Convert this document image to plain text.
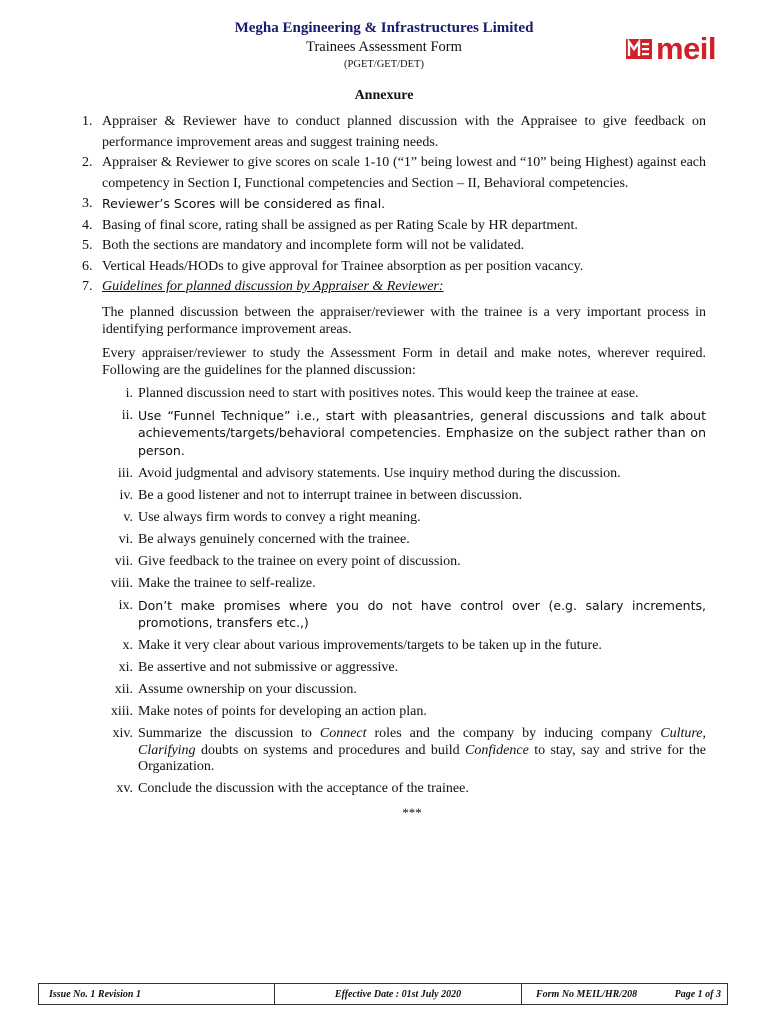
Megha Engineering & Infrastructures Limited
Trainees Assessment Form
(PGET/GET/DET)	meil
Annexure
1. Appraiser & Reviewer have to conduct planned discussion with the Appraisee to give feedback on performance improvement areas and suggest training needs.
2. Appraiser & Reviewer to give scores on scale 1-10 (“1” being lowest and “10” being Highest) against each competency in Section I, Functional competencies and Section – II, Behavioral competencies.
3. Reviewer’s Scores will be considered as final.
4. Basing of final score, rating shall be assigned as per Rating Scale by HR department.
5. Both the sections are mandatory and incomplete form will not be validated.
6. Vertical Heads/HODs to give approval for Trainee absorption as per position vacancy.
7. Guidelines for planned discussion by Appraiser & Reviewer:
The planned discussion between the appraiser/reviewer with the trainee is a very important process in identifying performance improvement areas.
Every appraiser/reviewer to study the Assessment Form in detail and make notes, wherever required. Following are the guidelines for the planned discussion:
i. Planned discussion need to start with positives notes. This would keep the trainee at ease.
ii. Use “Funnel Technique” i.e., start with pleasantries, general discussions and talk about achievements/targets/behavioral competencies. Emphasize on the subject rather than on person.
iii. Avoid judgmental and advisory statements. Use inquiry method during the discussion.
iv. Be a good listener and not to interrupt trainee in between discussion.
v. Use always firm words to convey a right meaning.
vi. Be always genuinely concerned with the trainee.
vii. Give feedback to the trainee on every point of discussion.
viii. Make the trainee to self-realize.
ix. Don’t make promises where you do not have control over (e.g. salary increments, promotions, transfers etc.,)
x. Make it very clear about various improvements/targets to be taken up in the future.
xi. Be assertive and not submissive or aggressive.
xii. Assume ownership on your discussion.
xiii. Make notes of points for developing an action plan.
xiv. Summarize the discussion to Connect roles and the company by inducing company Culture, Clarifying doubts on systems and procedures and build Confidence to stay, say and strive for the Organization.
xv. Conclude the discussion with the acceptance of the trainee.
***
Issue No. 1 Revision 1	Effective Date : 01st July 2020	Form No MEIL/HR/208	Page 1 of 3
